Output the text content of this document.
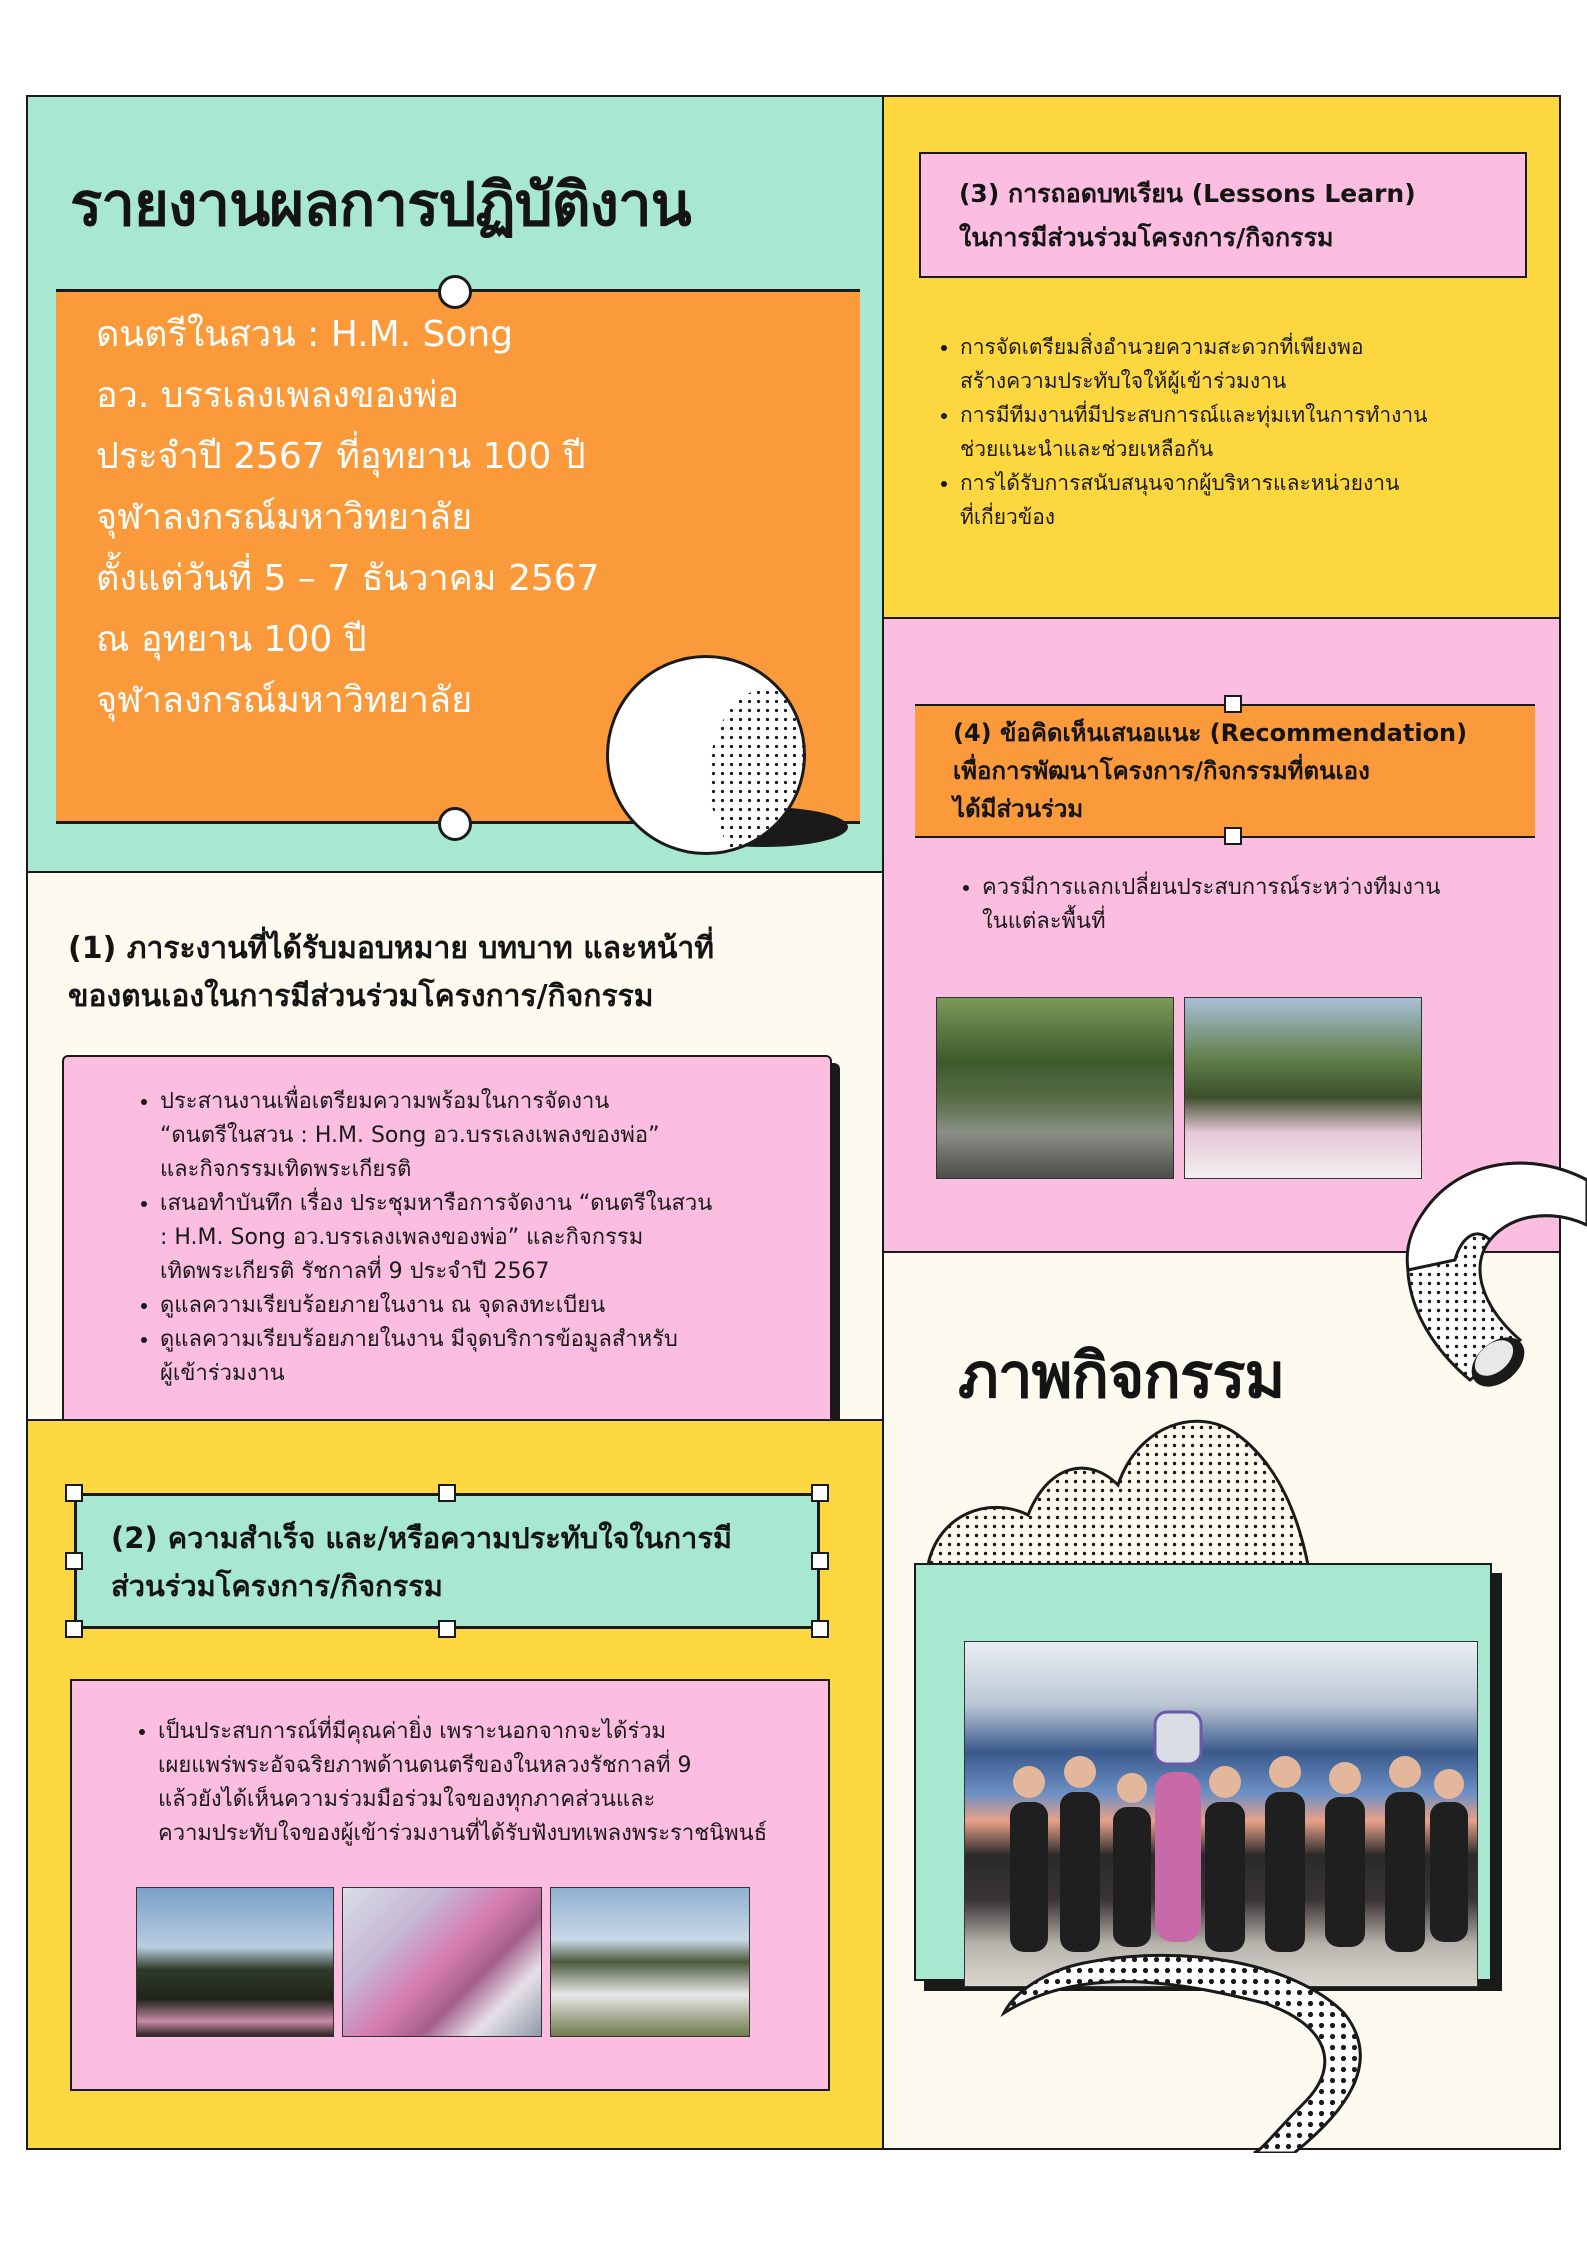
รายงานผลการปฏิบัติงาน
ดนตรีในสวน : H.M. Song
อว. บรรเลงเพลงของพ่อ
ประจำปี 2567 ที่อุทยาน 100 ปี
จุฬาลงกรณ์มหาวิทยาลัย
ตั้งแต่วันที่ 5 – 7 ธันวาคม 2567
ณ อุทยาน 100 ปี
จุฬาลงกรณ์มหาวิทยาลัย
(1) ภาระงานที่ได้รับมอบหมาย บทบาท และหน้าที่
ของตนเองในการมีส่วนร่วมโครงการ/กิจกรรม
• ประสานงานเพื่อเตรียมความพร้อมในการจัดงาน
“ดนตรีในสวน : H.M. Song อว.บรรเลงเพลงของพ่อ”
และกิจกรรมเทิดพระเกียรติ
• เสนอทำบันทึก เรื่อง ประชุมหารือการจัดงาน “ดนตรีในสวน
: H.M. Song อว.บรรเลงเพลงของพ่อ” และกิจกรรม
เทิดพระเกียรติ รัชกาลที่ 9 ประจำปี 2567
• ดูแลความเรียบร้อยภายในงาน ณ จุดลงทะเบียน
• ดูแลความเรียบร้อยภายในงาน มีจุดบริการข้อมูลสำหรับ
ผู้เข้าร่วมงาน
(2) ความสำเร็จ และ/หรือความประทับใจในการมี
ส่วนร่วมโครงการ/กิจกรรม
• เป็นประสบการณ์ที่มีคุณค่ายิ่ง เพราะนอกจากจะได้ร่วม
เผยแพร่พระอัจฉริยภาพด้านดนตรีของในหลวงรัชกาลที่ 9
แล้วยังได้เห็นความร่วมมือร่วมใจของทุกภาคส่วนและ
ความประทับใจของผู้เข้าร่วมงานที่ได้รับฟังบทเพลงพระราชนิพนธ์
(3) การถอดบทเรียน (Lessons Learn)
ในการมีส่วนร่วมโครงการ/กิจกรรม
• การจัดเตรียมสิ่งอำนวยความสะดวกที่เพียงพอ
สร้างความประทับใจให้ผู้เข้าร่วมงาน
• การมีทีมงานที่มีประสบการณ์และทุ่มเทในการทำงาน
ช่วยแนะนำและช่วยเหลือกัน
• การได้รับการสนับสนุนจากผู้บริหารและหน่วยงาน
ที่เกี่ยวข้อง
(4) ข้อคิดเห็นเสนอแนะ (Recommendation)
เพื่อการพัฒนาโครงการ/กิจกรรมที่ตนเอง
ได้มีส่วนร่วม
• ควรมีการแลกเปลี่ยนประสบการณ์ระหว่างทีมงาน
ในแต่ละพื้นที่
ภาพกิจกรรม
